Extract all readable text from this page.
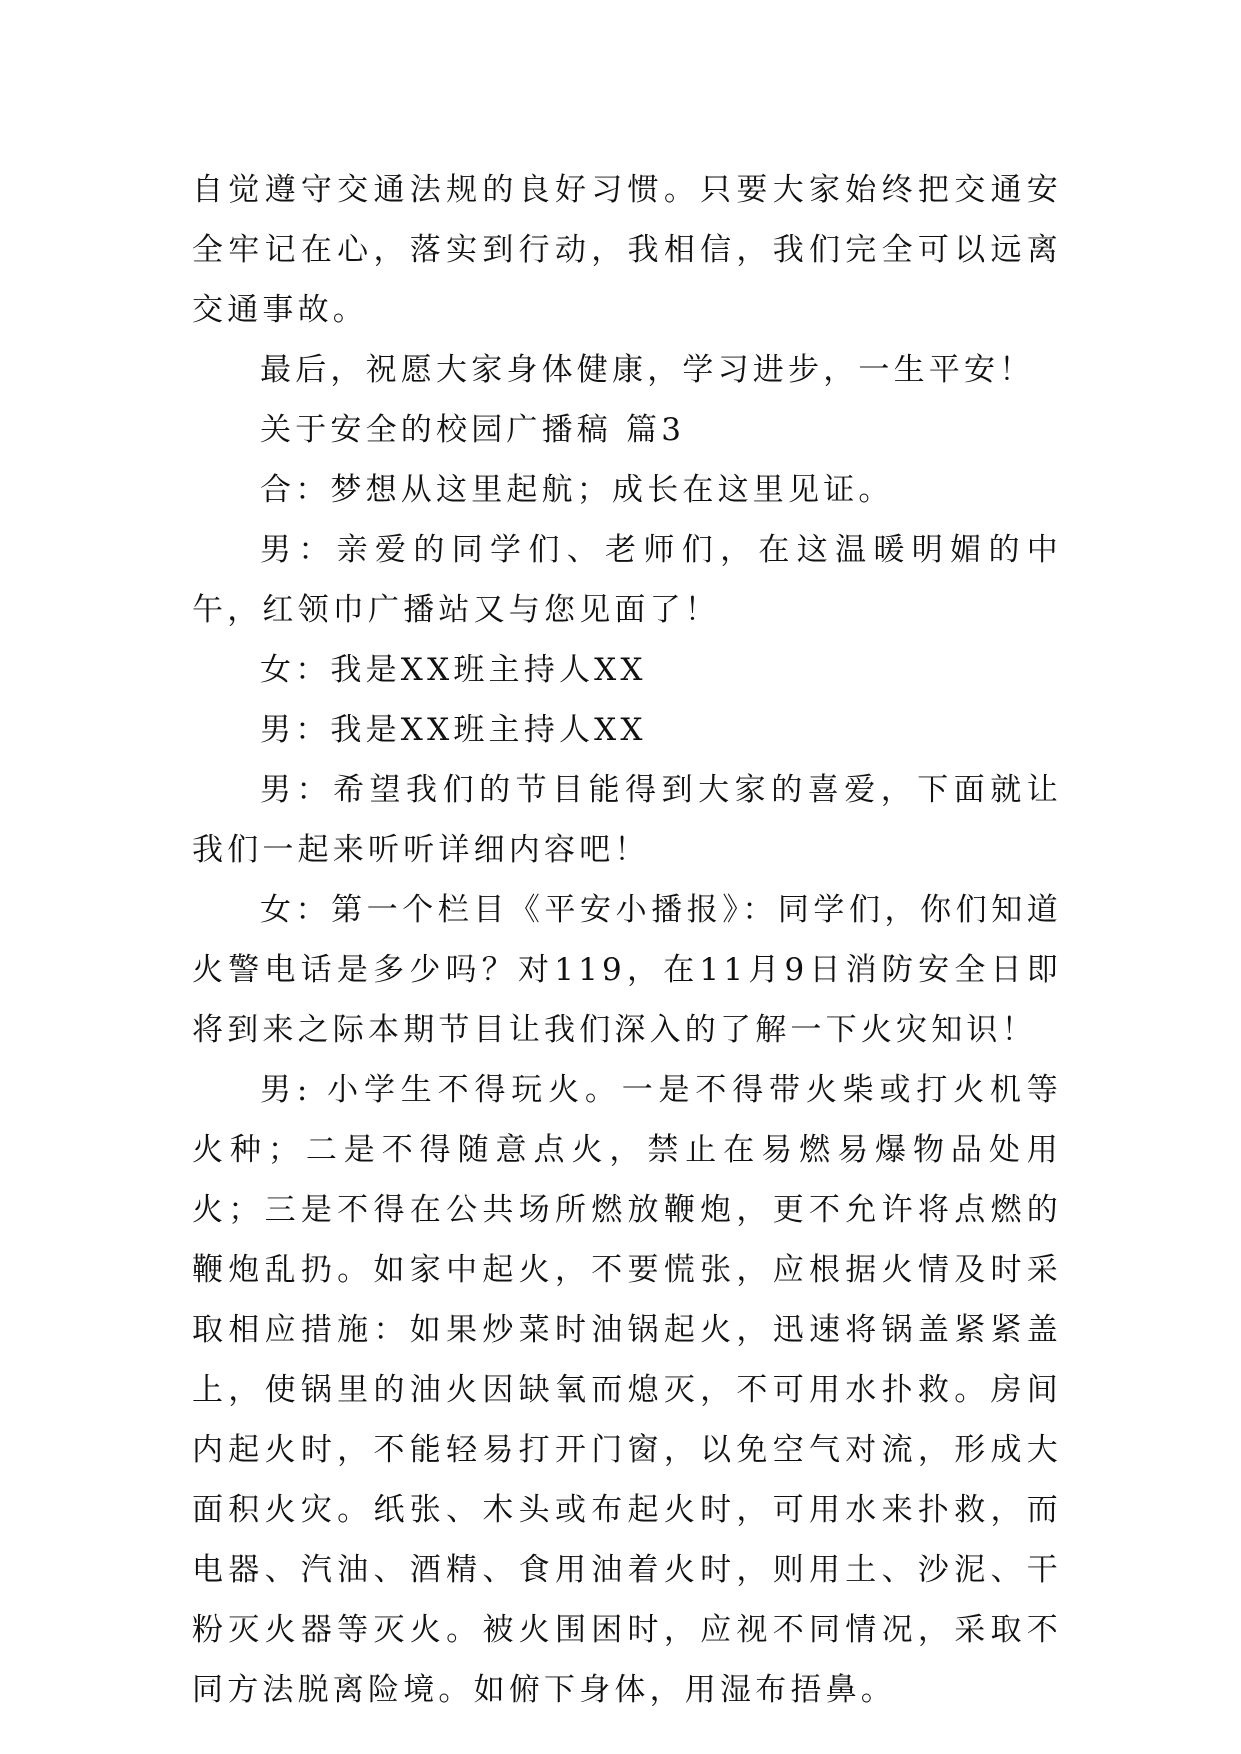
自觉遵守交通法规的良好习惯。只要大家始终把交通安全牢记在心，落实到行动，我相信，我们完全可以远离交通事故。

最后，祝愿大家身体健康，学习进步，一生平安！

关于安全的校园广播稿 篇3

合：梦想从这里起航；成长在这里见证。

男：亲爱的同学们、老师们，在这温暖明媚的中午，红领巾广播站又与您见面了！

女：我是XX班主持人XX

男：我是XX班主持人XX

男：希望我们的节目能得到大家的喜爱，下面就让我们一起来听听详细内容吧！

女：第一个栏目《平安小播报》：同学们，你们知道火警电话是多少吗？对119，在11月9日消防安全日即将到来之际本期节目让我们深入的了解一下火灾知识！

男: 小学生不得玩火。一是不得带火柴或打火机等火种；二是不得随意点火，禁止在易燃易爆物品处用火；三是不得在公共场所燃放鞭炮，更不允许将点燃的鞭炮乱扔。如家中起火，不要慌张，应根据火情及时采取相应措施：如果炒菜时油锅起火，迅速将锅盖紧紧盖上，使锅里的油火因缺氧而熄灭，不可用水扑救。房间内起火时，不能轻易打开门窗，以免空气对流，形成大面积火灾。纸张、木头或布起火时，可用水来扑救，而电器、汽油、酒精、食用油着火时，则用土、沙泥、干粉灭火器等灭火。被火围困时，应视不同情况，采取不同方法脱离险境。如俯下身体，用湿布捂鼻。
